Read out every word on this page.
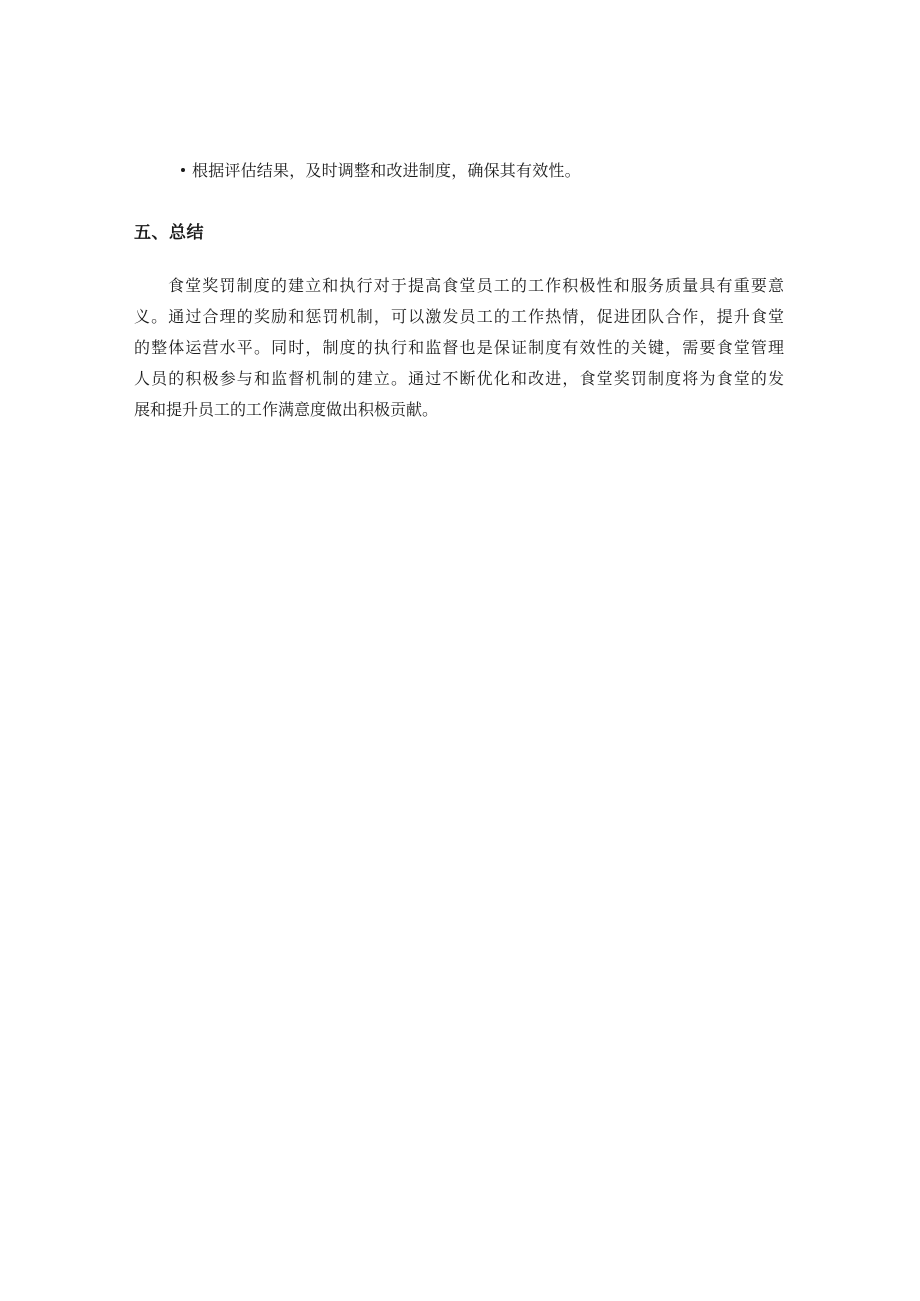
根据评估结果，及时调整和改进制度，确保其有效性。
五、总结
食堂奖罚制度的建立和执行对于提高食堂员工的工作积极性和服务质量具有重要意
义。通过合理的奖励和惩罚机制，可以激发员工的工作热情，促进团队合作，提升食堂
的整体运营水平。同时，制度的执行和监督也是保证制度有效性的关键，需要食堂管理
人员的积极参与和监督机制的建立。通过不断优化和改进，食堂奖罚制度将为食堂的发
展和提升员工的工作满意度做出积极贡献。
